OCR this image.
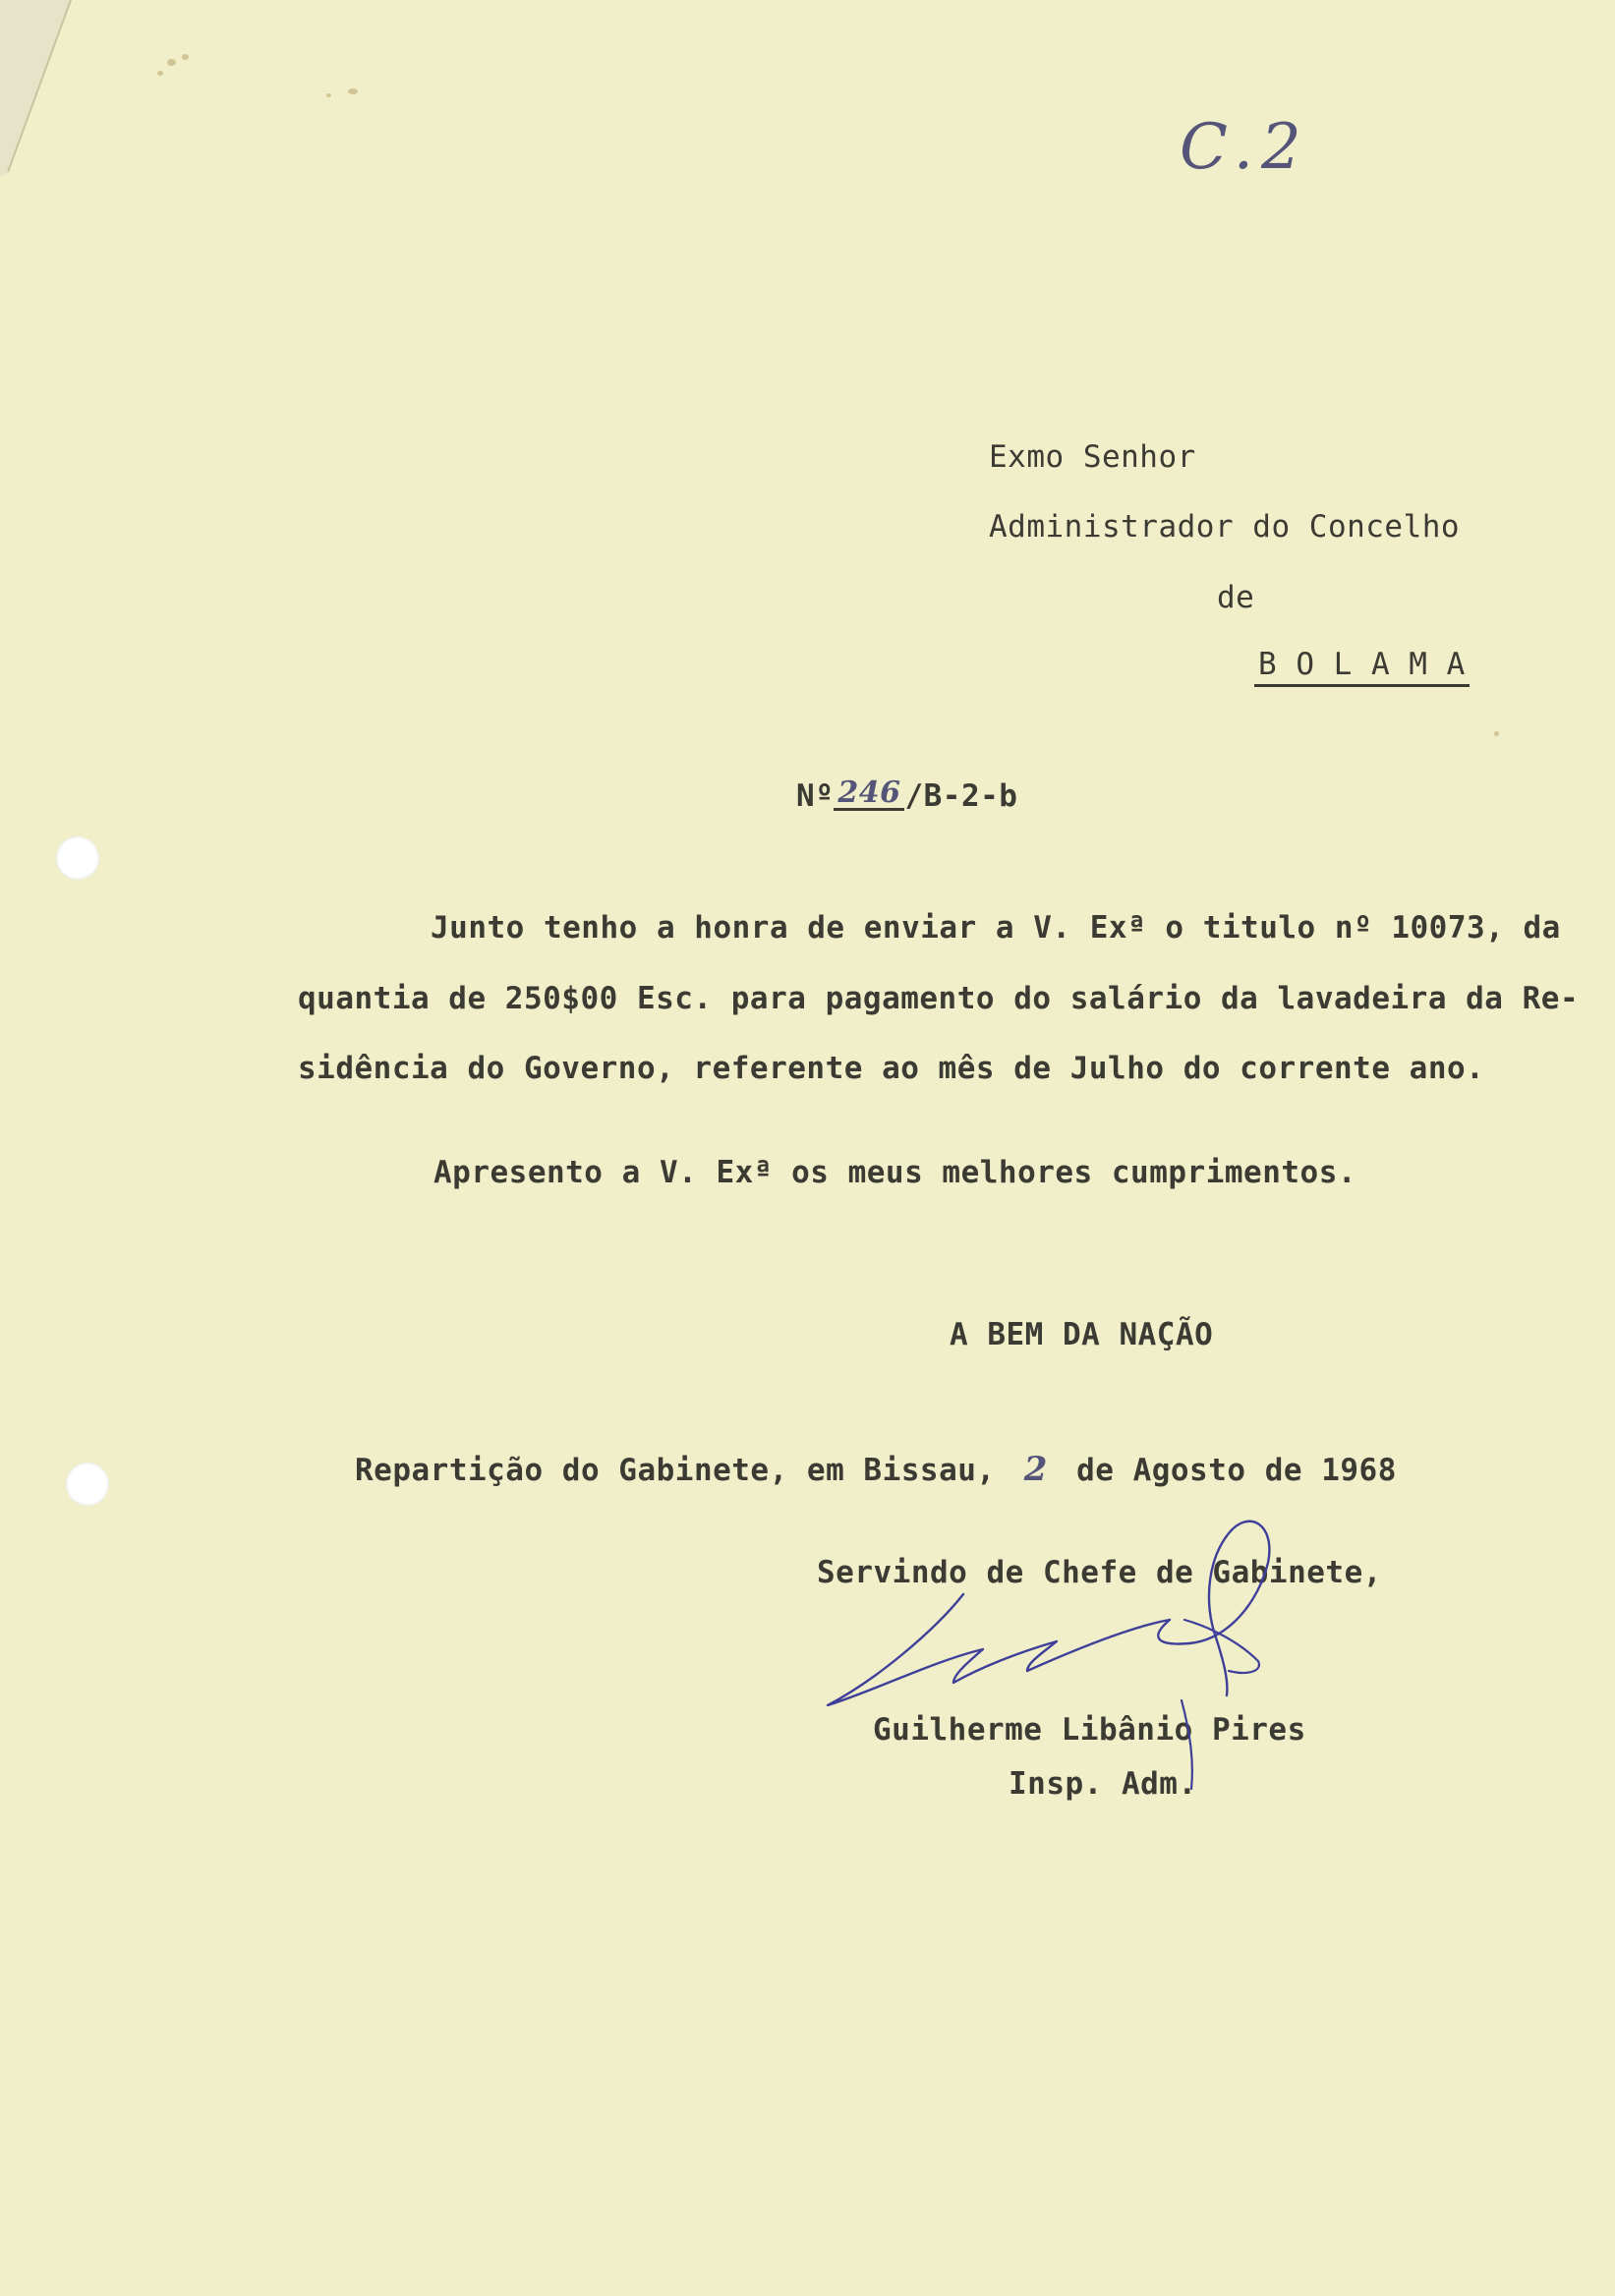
C.2
Exmo Senhor
Administrador do Concelho
de
B O L A M A
Nº 246 /B-2-b
Junto tenho a honra de enviar a V. Exª o titulo nº 10073, da
quantia de 250$00 Esc. para pagamento do salário da lavadeira da Re-
sidência do Governo, referente ao mês de Julho do corrente ano.
Apresento a V. Exª os meus melhores cumprimentos.
A BEM DA NAÇÃO
Repartição do Gabinete, em Bissau, 2 de Agosto de 1968
Servindo de Chefe de Gabinete,
Guilherme Libânio Pires
Insp. Adm.
